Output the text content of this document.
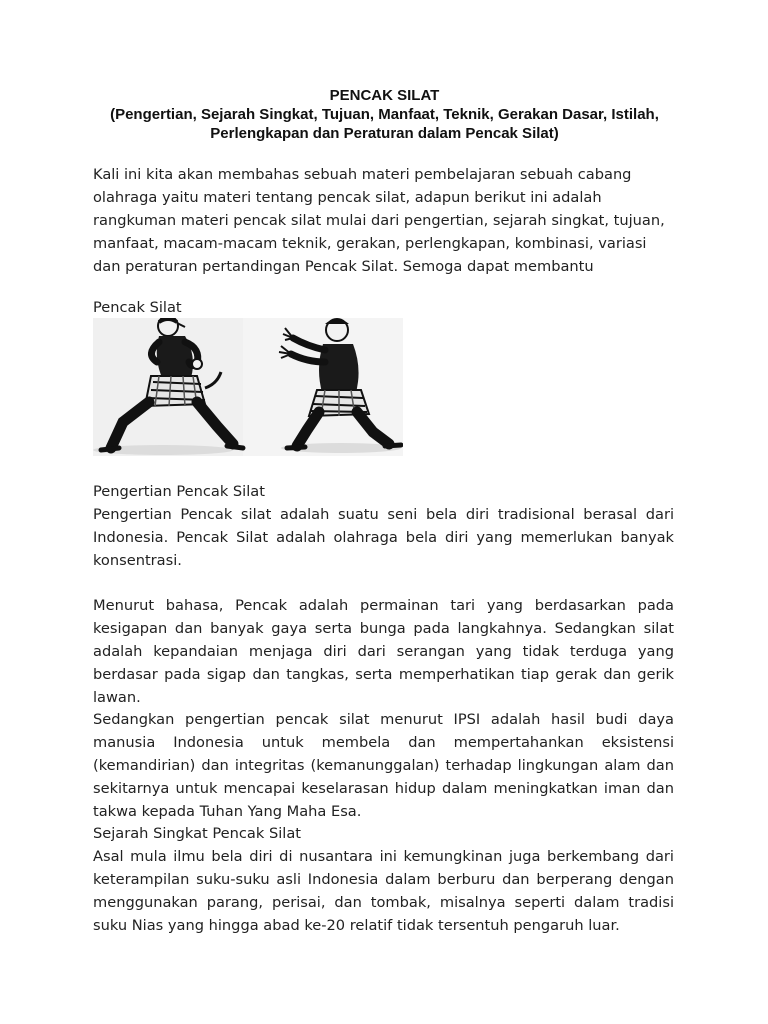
PENCAK SILAT
(Pengertian, Sejarah Singkat, Tujuan, Manfaat, Teknik, Gerakan Dasar, Istilah,
Perlengkapan dan Peraturan dalam Pencak Silat)
Kali ini kita akan membahas sebuah materi pembelajaran sebuah cabang olahraga yaitu materi tentang pencak silat, adapun berikut ini adalah rangkuman materi pencak silat mulai dari pengertian, sejarah singkat, tujuan, manfaat, macam-macam teknik, gerakan, perlengkapan, kombinasi, variasi dan peraturan pertandingan Pencak Silat. Semoga dapat membantu
Pencak Silat
Pengertian Pencak Silat
Pengertian Pencak silat adalah suatu seni bela diri tradisional berasal dari Indonesia. Pencak Silat adalah olahraga bela diri yang memerlukan banyak konsentrasi.
Menurut bahasa, Pencak adalah permainan tari yang berdasarkan pada kesigapan dan banyak gaya serta bunga pada langkahnya. Sedangkan silat adalah kepandaian menjaga diri dari serangan yang tidak terduga yang berdasar pada sigap dan tangkas, serta memperhatikan tiap gerak dan gerik lawan.
Sedangkan pengertian pencak silat menurut IPSI adalah hasil budi daya manusia Indonesia untuk membela dan mempertahankan eksistensi (kemandirian) dan integritas (kemanunggalan) terhadap lingkungan alam dan sekitarnya untuk mencapai keselarasan hidup dalam meningkatkan iman dan takwa kepada Tuhan Yang Maha Esa.
Sejarah Singkat Pencak Silat
Asal mula ilmu bela diri di nusantara ini kemungkinan juga berkembang dari keterampilan suku-suku asli Indonesia dalam berburu dan berperang dengan menggunakan parang, perisai, dan tombak, misalnya seperti dalam tradisi suku Nias yang hingga abad ke-20 relatif tidak tersentuh pengaruh luar.
